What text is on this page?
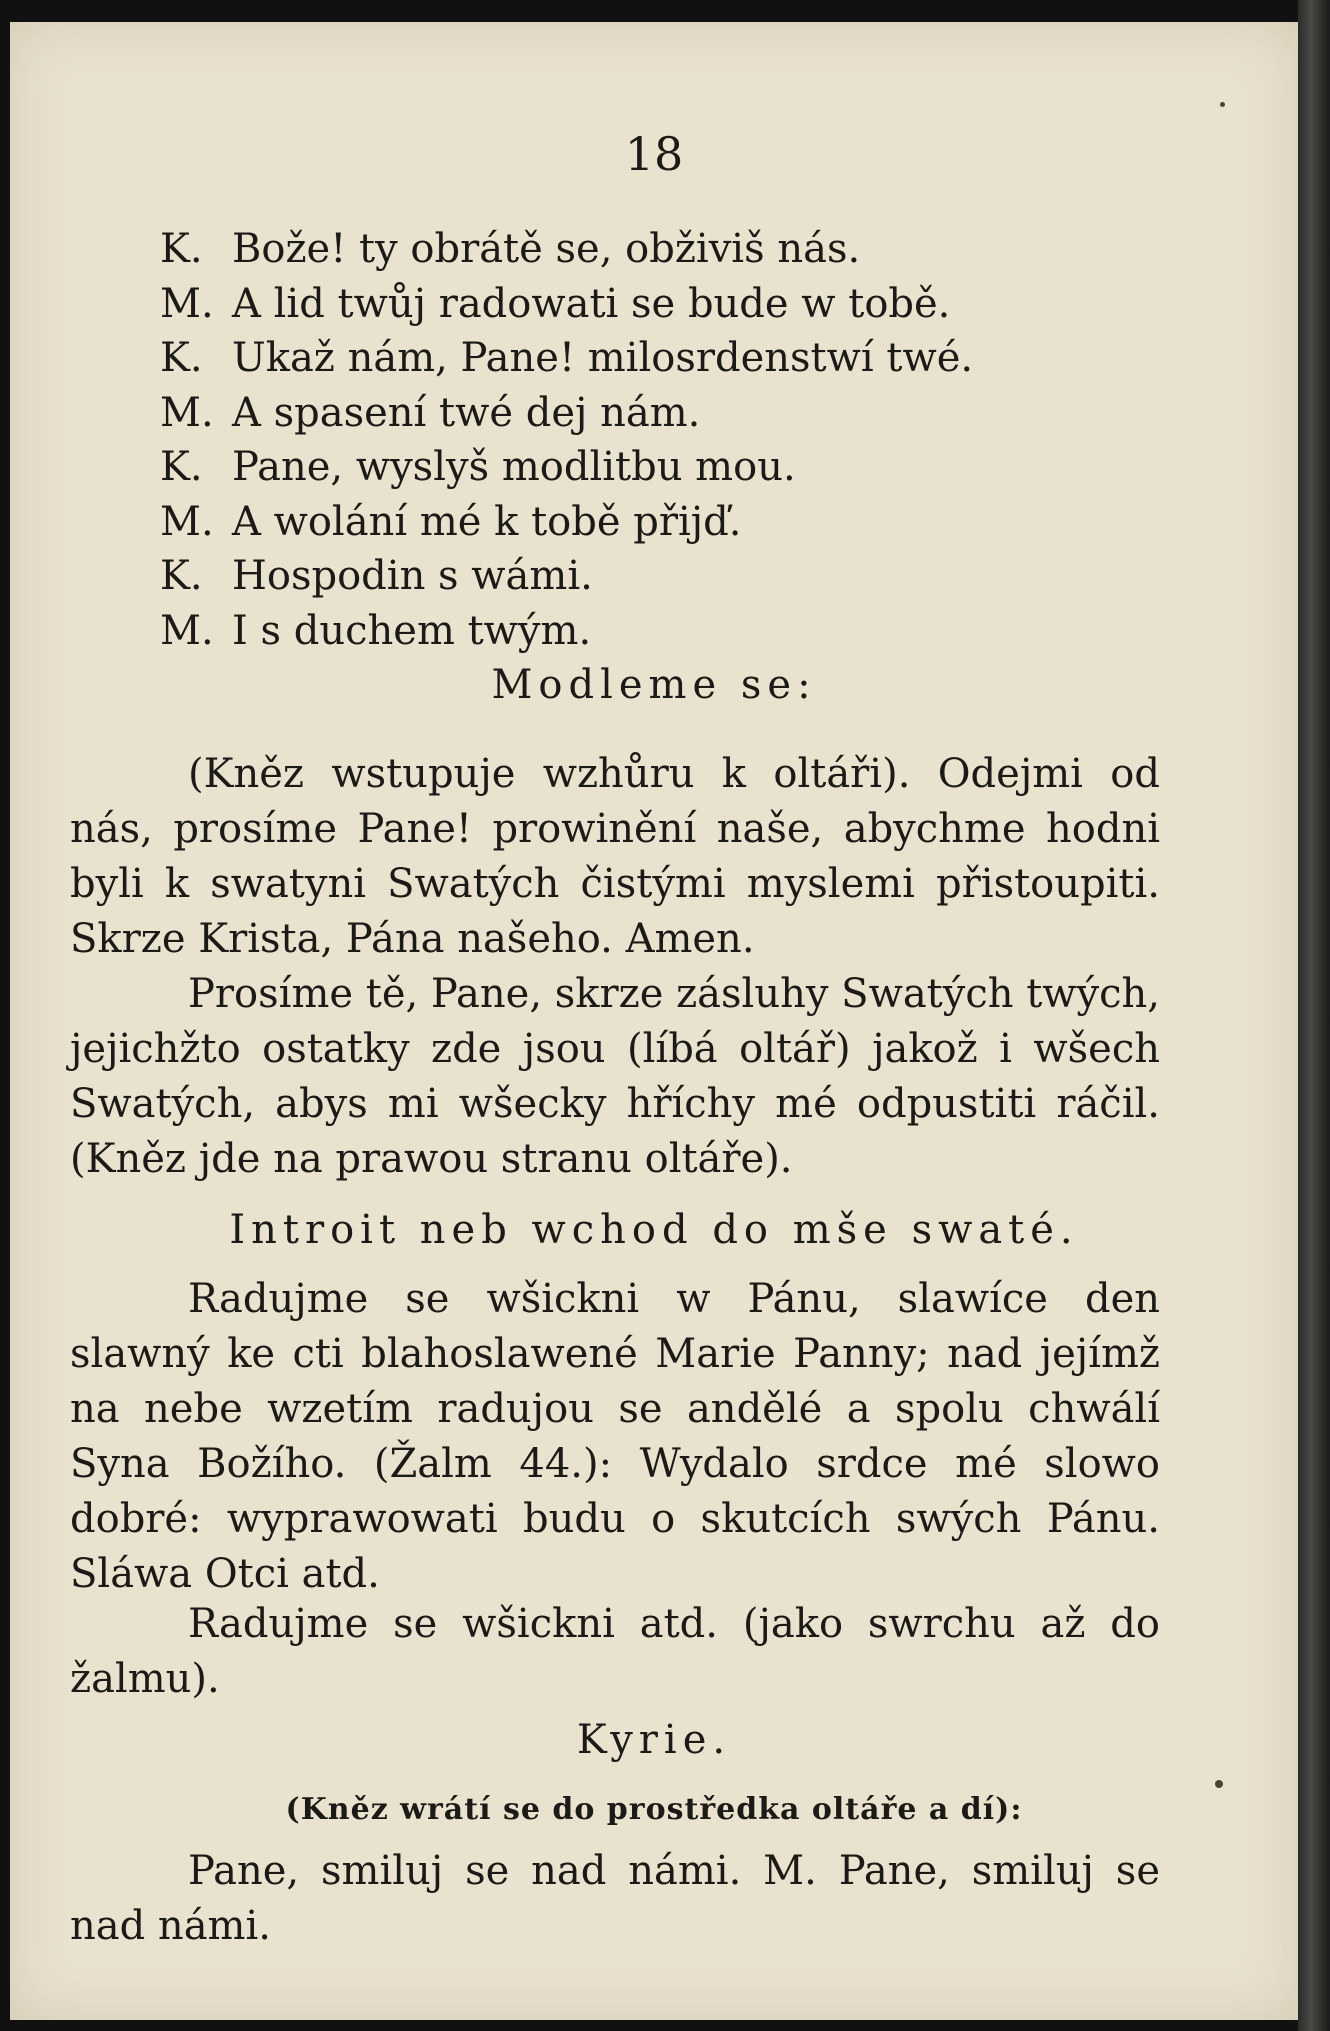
18
K. Bože! ty obrátě se, obživiš nás.
M. A lid twůj radowati se bude w tobě.
K. Ukaž nám, Pane! milosrdenstwí twé.
M. A spasení twé dej nám.
K. Pane, wyslyš modlitbu mou.
M. A wolání mé k tobě přijď.
K. Hospodin s wámi.
M. I s duchem twým.
Modleme se:
(Kněz wstupuje wzhůru k oltáři). Odejmi od nás, prosíme Pane! prowinění naše, abychme hodni byli k swatyni Swatých čistými myslemi přistoupiti. Skrze Krista, Pána našeho. Amen.
Prosíme tě, Pane, skrze zásluhy Swatých twých, jejichžto ostatky zde jsou (líbá oltář) jakož i wšech Swatých, abys mi wšecky hříchy mé odpustiti ráčil. (Kněz jde na prawou stranu oltáře).
Introit neb wchod do mše swaté.
Radujme se wšickni w Pánu, slawíce den slawný ke cti blahoslawené Marie Panny; nad jejímž na nebe wzetím radujou se andělé a spolu chwálí Syna Božího. (Žalm 44.): Wydalo srdce mé slowo dobré: wyprawowati budu o skutcích swých Pánu. Sláwa Otci atd.
Radujme se wšickni atd. (jako swrchu až do žalmu).
Kyrie.
(Kněz wrátí se do prostředka oltáře a dí):
Pane, smiluj se nad námi. M. Pane, smiluj se nad námi.
